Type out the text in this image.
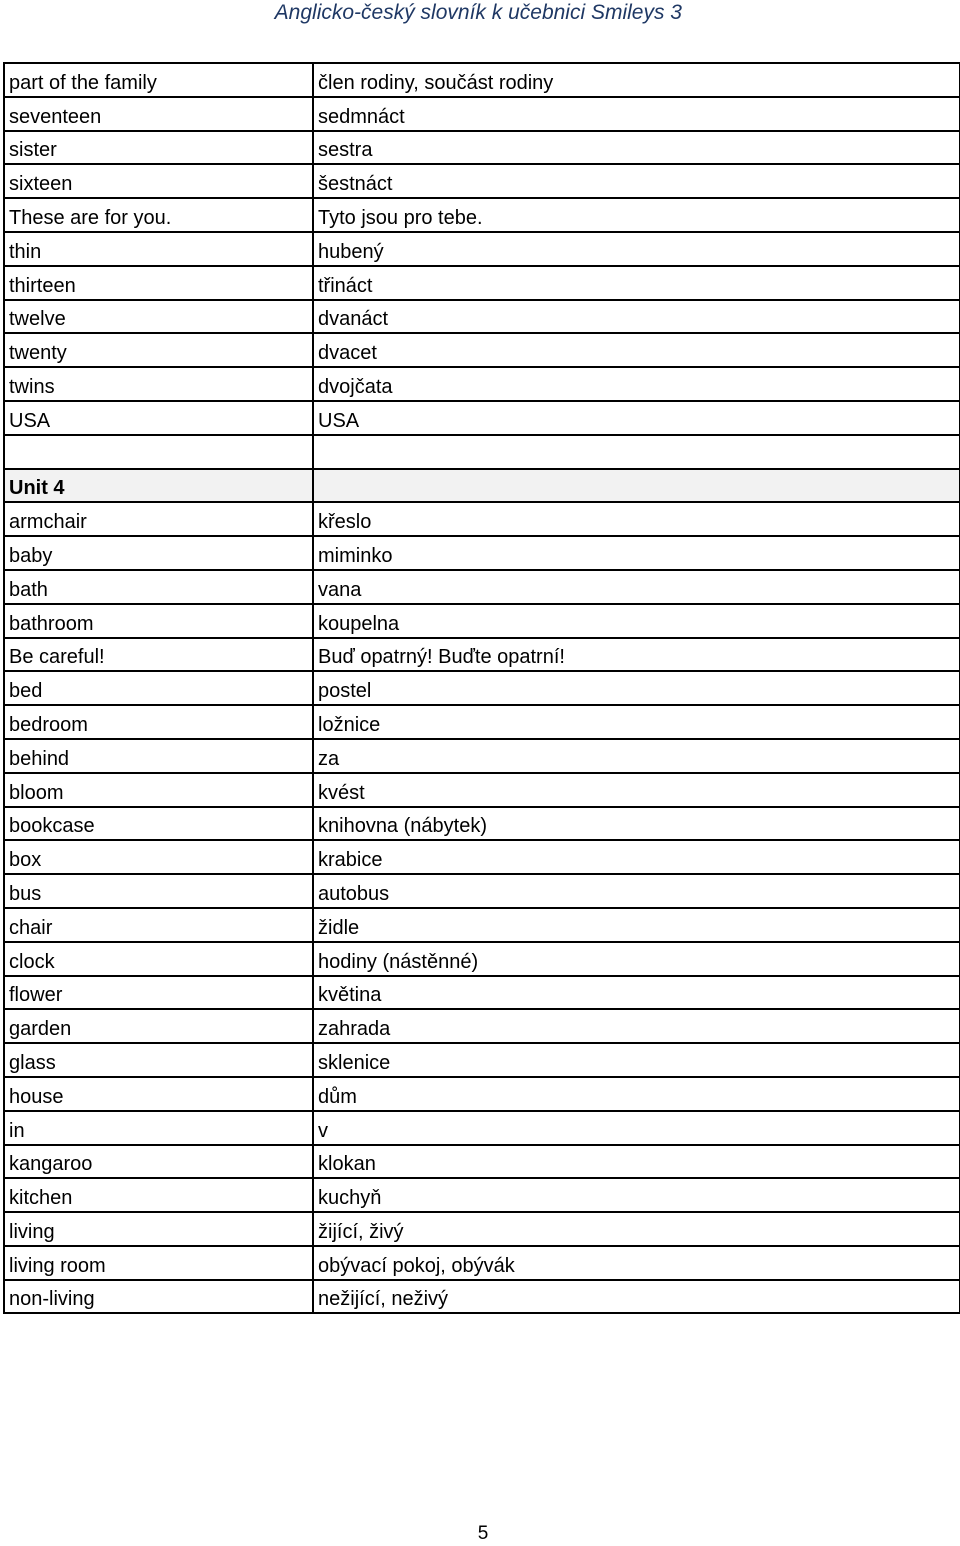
Anglicko-český slovník k učebnici Smileys 3
part of the family	člen rodiny, součást rodiny
seventeen	sedmnáct
sister	sestra
sixteen	šestnáct
These are for you.	Tyto jsou pro tebe.
thin	hubený
thirteen	třináct
twelve	dvanáct
twenty	dvacet
twins	dvojčata
USA	USA

Unit 4	
armchair	křeslo
baby	miminko
bath	vana
bathroom	koupelna
Be careful!	Buď opatrný! Buďte opatrní!
bed	postel
bedroom	ložnice
behind	za
bloom	kvést
bookcase	knihovna (nábytek)
box	krabice
bus	autobus
chair	židle
clock	hodiny (nástěnné)
flower	květina
garden	zahrada
glass	sklenice
house	dům
in	v
kangaroo	klokan
kitchen	kuchyň
living	žijící, živý
living room	obývací pokoj, obývák
non-living	nežijící, neživý
5
